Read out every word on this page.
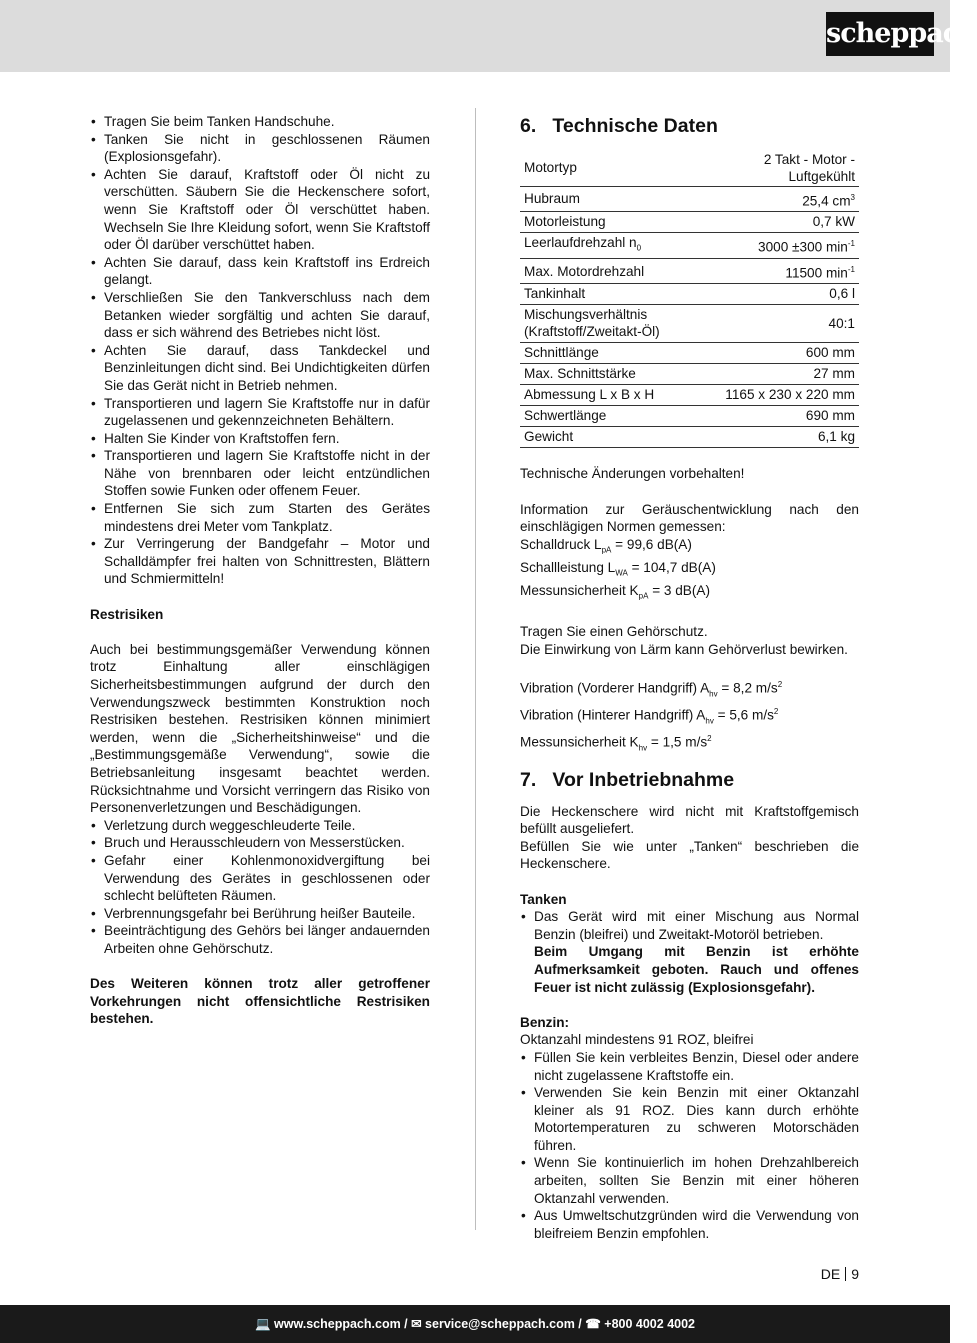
scheppach
• Tragen Sie beim Tanken Handschuhe.
• Tanken Sie nicht in geschlossenen Räumen (Explosionsgefahr).
• Achten Sie darauf, Kraftstoff oder Öl nicht zu verschütten. Säubern Sie die Heckenschere sofort, wenn Sie Kraftstoff oder Öl verschüttet haben. Wechseln Sie Ihre Kleidung sofort, wenn Sie Kraftstoff oder Öl darüber verschüttet haben.
• Achten Sie darauf, dass kein Kraftstoff ins Erdreich gelangt.
• Verschließen Sie den Tankverschluss nach dem Betanken wieder sorgfältig und achten Sie darauf, dass er sich während des Betriebes nicht löst.
• Achten Sie darauf, dass Tankdeckel und Benzinleitungen dicht sind. Bei Undichtigkeiten dürfen Sie das Gerät nicht in Betrieb nehmen.
• Transportieren und lagern Sie Kraftstoffe nur in dafür zugelassenen und gekennzeichneten Behältern.
• Halten Sie Kinder von Kraftstoffen fern.
• Transportieren und lagern Sie Kraftstoffe nicht in der Nähe von brennbaren oder leicht entzündlichen Stoffen sowie Funken oder offenem Feuer.
• Entfernen Sie sich zum Starten des Gerätes mindestens drei Meter vom Tankplatz.
• Zur Verringerung der Bandgefahr – Motor und Schalldämpfer frei halten von Schnittresten, Blättern und Schmiermitteln!

Restrisiken

Auch bei bestimmungsgemäßer Verwendung können trotz Einhaltung aller einschlägigen Sicherheitsbestimmungen aufgrund der durch den Verwendungszweck bestimmten Konstruktion noch Restrisiken bestehen. Restrisiken können minimiert werden, wenn die „Sicherheitshinweise“ und die „Bestimmungsgemäße Verwendung“, sowie die Betriebsanleitung insgesamt beachtet werden. Rücksichtnahme und Vorsicht verringern das Risiko von Personenverletzungen und Beschädigungen.

• Verletzung durch weggeschleuderte Teile.
• Bruch und Herausschleudern von Messerstücken.
• Gefahr einer Kohlenmonoxidvergiftung bei Verwendung des Gerätes in geschlossenen oder schlecht belüfteten Räumen.
• Verbrennungsgefahr bei Berührung heißer Bauteile.
• Beeinträchtigung des Gehörs bei länger andauernden Arbeiten ohne Gehörschutz.

Des Weiteren können trotz aller getroffener Vorkehrungen nicht offensichtliche Restrisiken bestehen.

6. Technische Daten
Motortyp	2 Takt - Motor - Luftgekühlt
Hubraum	25,4 $cm^3$
Motorleistung	0,7 kW
Leerlaufdrehzahl $n_0$	3000 ±300 $\min^{-1}$
Max. Motordrehzahl	11500 $\min^{-1}$
Tankinhalt	0,6 l
Mischungsverhältnis (Kraftstoff/Zweitakt-Öl)	40:1
Schnittlänge	600 mm
Max. Schnittstärke	27 mm
Abmessung L x B x H	1165 x 230 x 220 mm
Schwertlänge	690 mm
Gewicht	6,1 kg

Technische Änderungen vorbehalten!

Information zur Geräuschentwicklung nach den einschlägigen Normen gemessen:

Schalldruck $L_{pA} = 99,6$ dB(A)

Schallleistung $L_{WA} = 104,7$ dB(A)

Messunsicherheit $K_{pA} = 3$ dB(A)

Tragen Sie einen Gehörschutz.

Die Einwirkung von Lärm kann Gehörverlust bewirken.

Vibration (Vorderer Handgriff) $A_{hv} = 8,2$ $m/s^2$

Vibration (Hinterer Handgriff) $A_{hv} = 5,6$ $m/s^2$

Messunsicherheit $K_{hv} = 1,5$ $m/s^2$

7. Vor Inbetriebnahme

Die Heckenschere wird nicht mit Kraftstoffgemisch befüllt ausgeliefert.

Befüllen Sie wie unter „Tanken“ beschrieben die Heckenschere.

Tanken

• Das Gerät wird mit einer Mischung aus Normal Benzin (bleifrei) und Zweitakt-Motoröl betrieben.
Beim Umgang mit Benzin ist erhöhte Aufmerksamkeit geboten. Rauch und offenes Feuer ist nicht zulässig (Explosionsgefahr).

Benzin:

Oktanzahl mindestens 91 ROZ, bleifrei

• Füllen Sie kein verbleites Benzin, Diesel oder andere nicht zugelassene Kraftstoffe ein.
• Verwenden Sie kein Benzin mit einer Oktanzahl kleiner als 91 ROZ. Dies kann durch erhöhte Motortemperaturen zu schweren Motorschäden führen.
• Wenn Sie kontinuierlich im hohen Drehzahlbereich arbeiten, sollten Sie Benzin mit einer höheren Oktanzahl verwenden.
• Aus Umweltschutzgründen wird die Verwendung von bleifreiem Benzin empfohlen.
DE 9
💻 www.scheppach.com / ✉ service@scheppach.com / ☎ +800 4002 4002
